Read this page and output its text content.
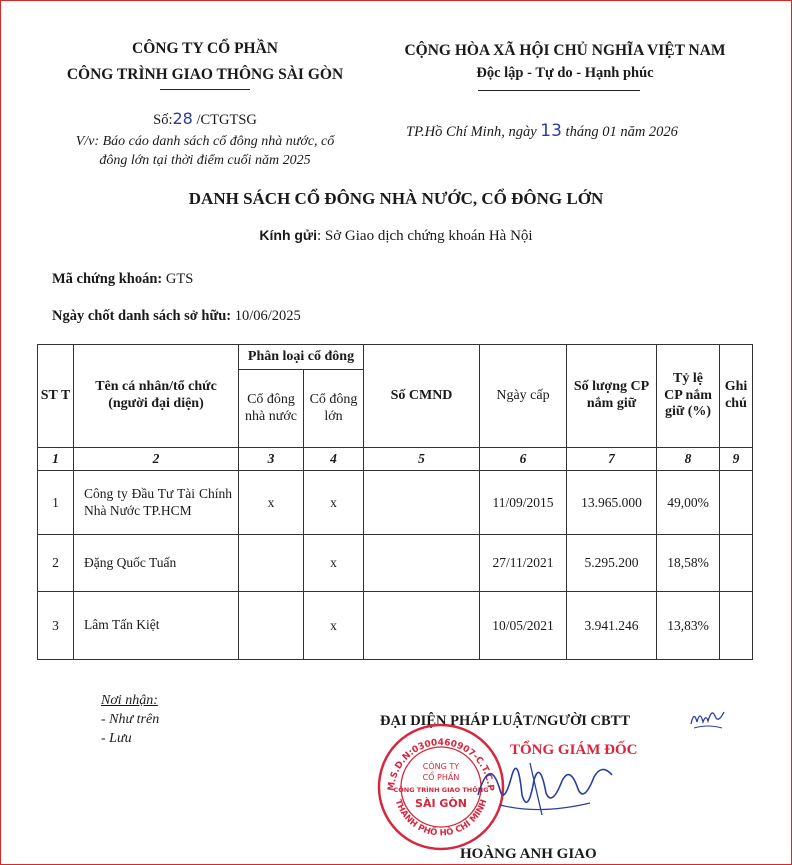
CÔNG TY CỔ PHẦN
CÔNG TRÌNH GIAO THÔNG SÀI GÒN
CỘNG HÒA XÃ HỘI CHỦ NGHĨA VIỆT NAM
Độc lập - Tự do - Hạnh phúc
Số:28 /CTGTSG
V/v: Báo cáo danh sách cổ đông nhà nước, cổ
đông lớn tại thời điểm cuối năm 2025
TP.Hồ Chí Minh, ngày 13 tháng 01 năm 2026
DANH SÁCH CỔ ĐÔNG NHÀ NƯỚC, CỔ ĐÔNG LỚN
Kính gửi: Sở Giao dịch chứng khoán Hà Nội
Mã chứng khoán: GTS
Ngày chốt danh sách sở hữu: 10/06/2025
ST T	Tên cá nhân/tổ chức (người đại diện)	Phân loại cổ đông		Số CMND	Ngày cấp	Số lượng CP nắm giữ	Tỷ lệ CP nắm giữ (%)	Ghi chú
		Cổ đông nhà nước	Cổ đông lớn					
1	2	3	4	5	6	7	8	9
1	Công ty Đầu Tư Tài Chính Nhà Nước TP.HCM	x	x		11/09/2015	13.965.000	49,00%	
2	Đặng Quốc Tuấn		x		27/11/2021	5.295.200	18,58%	
3	Lâm Tấn Kiệt		x		10/05/2021	3.941.246	13,83%	
Nơi nhận:
- Như trên
- Lưu
ĐẠI DIỆN PHÁP LUẬT/NGƯỜI CBTT
TỔNG GIÁM ĐỐC
M.S.D.N:0300460907-C.T.C.P
THÀNH PHỐ HỒ CHÍ MINH
CÔNG TY
CỔ PHẦN
CÔNG TRÌNH GIAO THÔNG
SÀI GÒN
HOÀNG ANH GIAO
